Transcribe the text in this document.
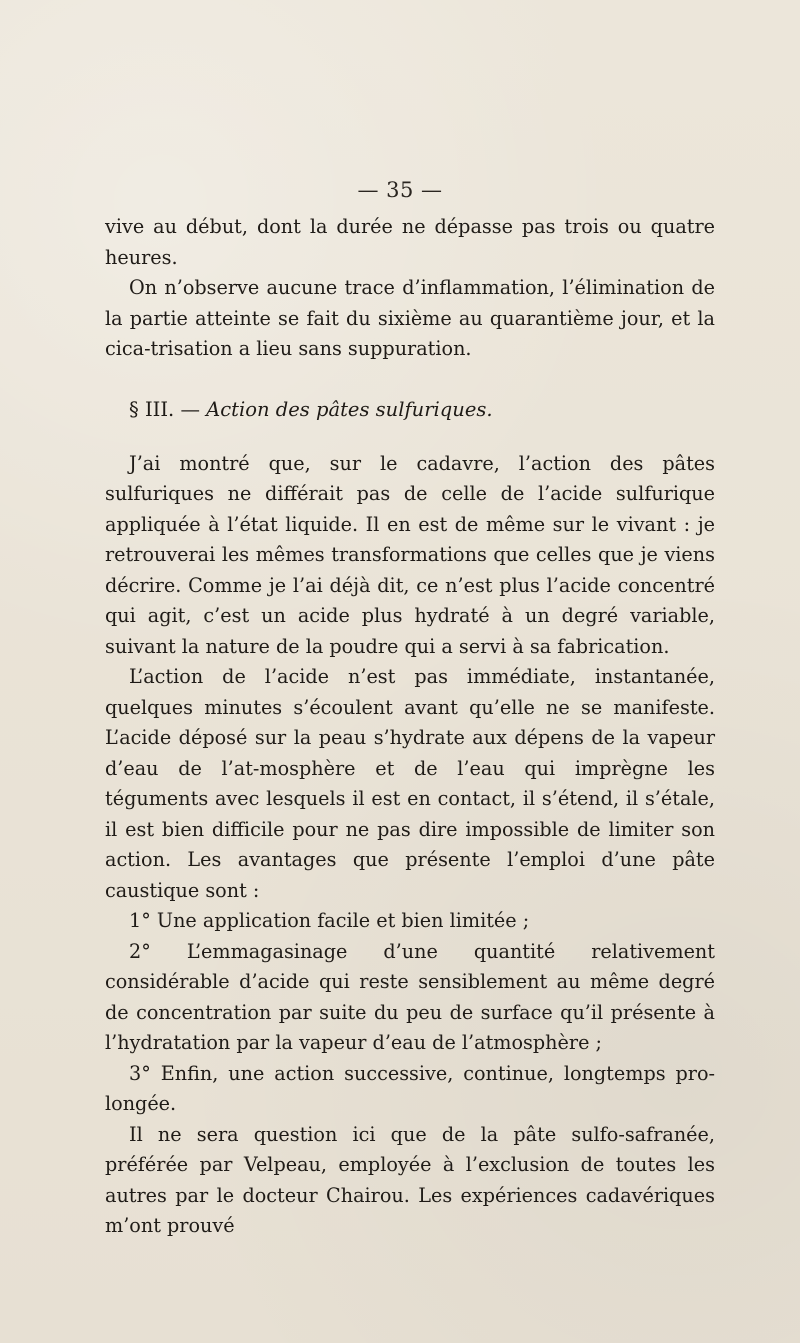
— 35 —

vive au début, dont la durée ne dépasse pas trois ou quatre heures.

On n’observe aucune trace d’inflammation, l’élimination de la partie atteinte se fait du sixième au quarantième jour, et la cica-trisation a lieu sans suppuration.

§ III. — Action des pâtes sulfuriques.

J’ai montré que, sur le cadavre, l’action des pâtes sulfuriques ne différait pas de celle de l’acide sulfurique appliquée à l’état liquide. Il en est de même sur le vivant : je retrouverai les mêmes transformations que celles que je viens décrire. Comme je l’ai déjà dit, ce n’est plus l’acide concentré qui agit, c’est un acide plus hydraté à un degré variable, suivant la nature de la poudre qui a servi à sa fabrication.

L’action de l’acide n’est pas immédiate, instantanée, quelques minutes s’écoulent avant qu’elle ne se manifeste. L’acide déposé sur la peau s’hydrate aux dépens de la vapeur d’eau de l’at-mosphère et de l’eau qui imprègne les téguments avec lesquels il est en contact, il s’étend, il s’étale, il est bien difficile pour ne pas dire impossible de limiter son action. Les avantages que présente l’emploi d’une pâte caustique sont :

1° Une application facile et bien limitée ;

2° L’emmagasinage d’une quantité relativement considérable d’acide qui reste sensiblement au même degré de concentration par suite du peu de surface qu’il présente à l’hydratation par la vapeur d’eau de l’atmosphère ;

3° Enfin, une action successive, continue, longtemps pro-longée.

Il ne sera question ici que de la pâte sulfo-safranée, préférée par Velpeau, employée à l’exclusion de toutes les autres par le docteur Chairou. Les expériences cadavériques m’ont prouvé
